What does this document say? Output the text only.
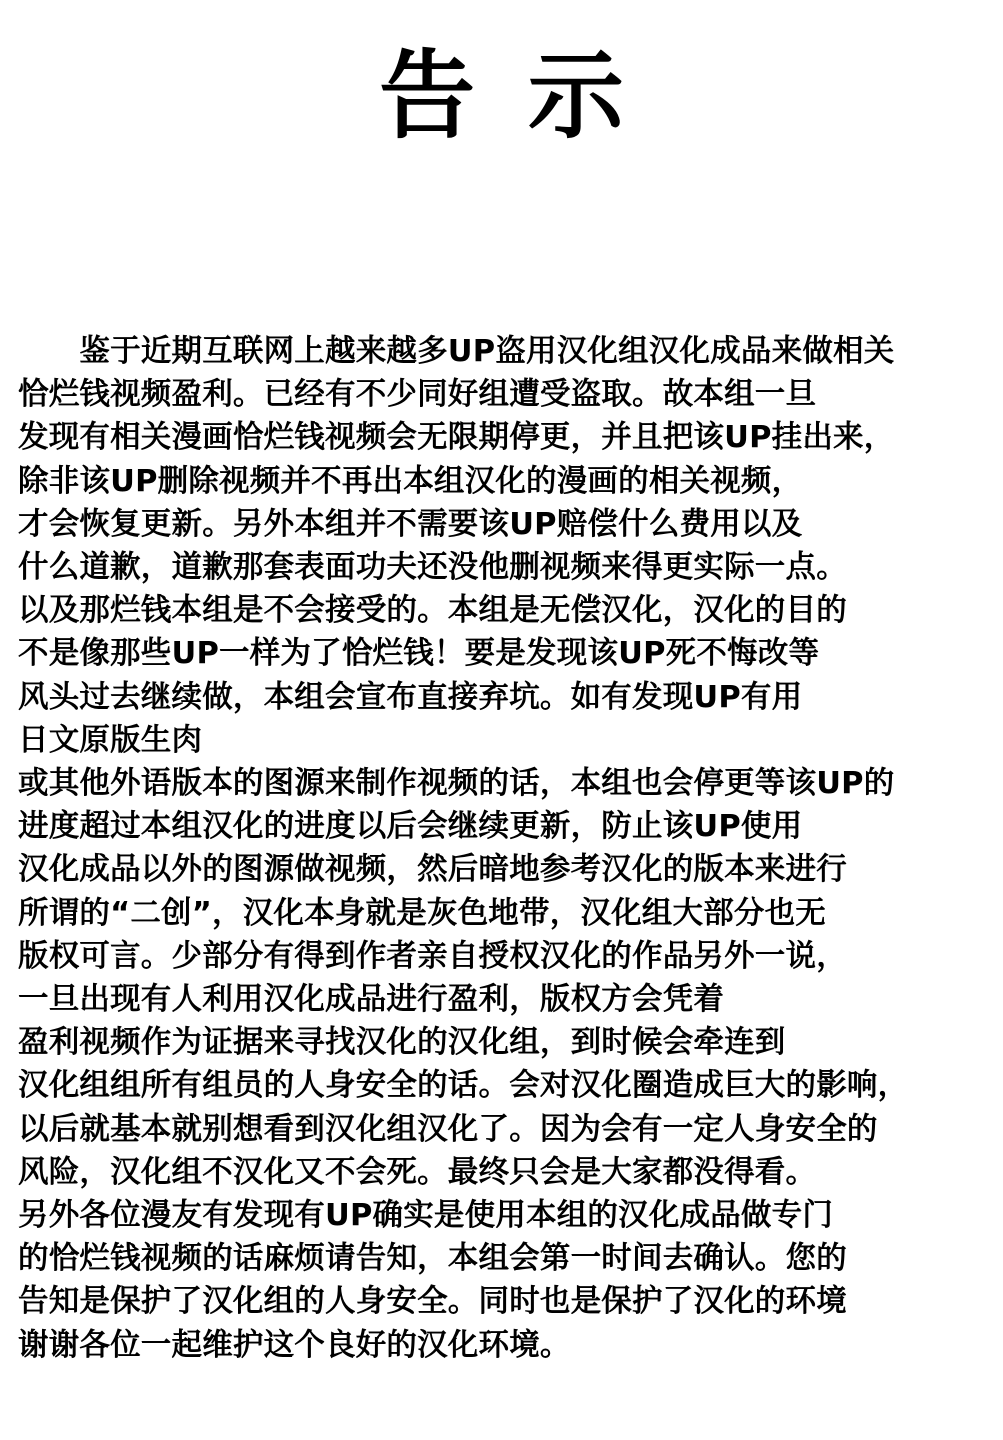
告示
　　鉴于近期互联网上越来越多UP盗用汉化组汉化成品来做相关
恰烂钱视频盈利。已经有不少同好组遭受盗取。故本组一旦
发现有相关漫画恰烂钱视频会无限期停更，并且把该UP挂出来，
除非该UP删除视频并不再出本组汉化的漫画的相关视频，
才会恢复更新。另外本组并不需要该UP赔偿什么费用以及
什么道歉，道歉那套表面功夫还没他删视频来得更实际一点。
以及那烂钱本组是不会接受的。本组是无偿汉化，汉化的目的
不是像那些UP一样为了恰烂钱！要是发现该UP死不悔改等
风头过去继续做，本组会宣布直接弃坑。如有发现UP有用
日文原版生肉
或其他外语版本的图源来制作视频的话，本组也会停更等该UP的
进度超过本组汉化的进度以后会继续更新，防止该UP使用
汉化成品以外的图源做视频，然后暗地参考汉化的版本来进行
所谓的“二创”，汉化本身就是灰色地带，汉化组大部分也无
版权可言。少部分有得到作者亲自授权汉化的作品另外一说，
一旦出现有人利用汉化成品进行盈利，版权方会凭着
盈利视频作为证据来寻找汉化的汉化组，到时候会牵连到
汉化组组所有组员的人身安全的话。会对汉化圈造成巨大的影响，
以后就基本就别想看到汉化组汉化了。因为会有一定人身安全的
风险，汉化组不汉化又不会死。最终只会是大家都没得看。
另外各位漫友有发现有UP确实是使用本组的汉化成品做专门
的恰烂钱视频的话麻烦请告知，本组会第一时间去确认。您的
告知是保护了汉化组的人身安全。同时也是保护了汉化的环境
谢谢各位一起维护这个良好的汉化环境。
